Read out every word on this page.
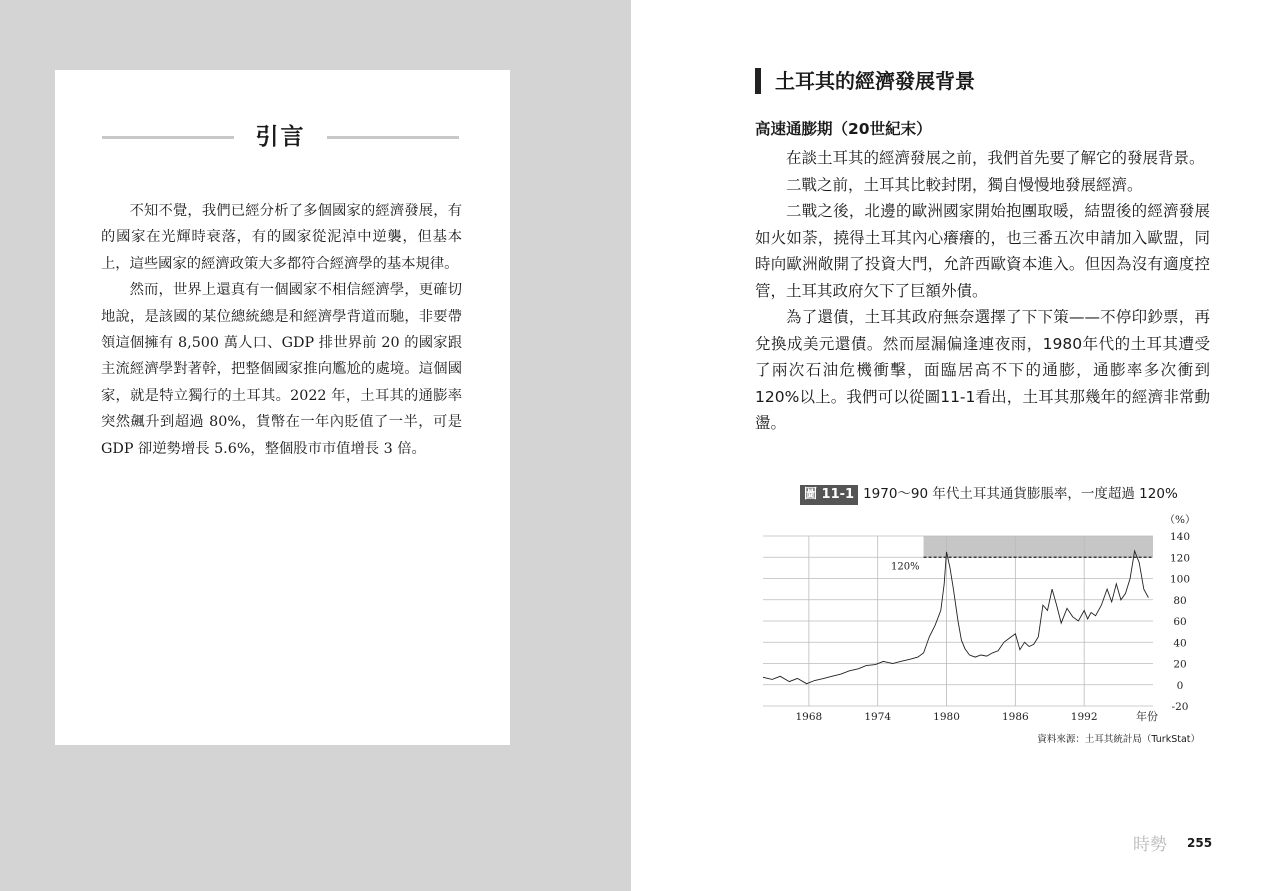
引言

不知不覺，我們已經分析了多個國家的經濟發展，有的國家在光輝時衰落，有的國家從泥淖中逆襲，但基本上，這些國家的經濟政策大多都符合經濟學的基本規律。

然而，世界上還真有一個國家不相信經濟學，更確切地說，是該國的某位總統總是和經濟學背道而馳，非要帶領這個擁有 8,500 萬人口、GDP 排世界前 20 的國家跟主流經濟學對著幹，把整個國家推向尷尬的處境。這個國家，就是特立獨行的土耳其。2022 年，土耳其的通膨率突然飆升到超過 80%，貨幣在一年內貶值了一半，可是 GDP 卻逆勢增長 5.6%，整個股市市值增長 3 倍。

土耳其的經濟發展背景
高速通膨期（20世紀末）

在談土耳其的經濟發展之前，我們首先要了解它的發展背景。

二戰之前，土耳其比較封閉，獨自慢慢地發展經濟。

二戰之後，北邊的歐洲國家開始抱團取暖，結盟後的經濟發展如火如荼，撓得土耳其內心癢癢的，也三番五次申請加入歐盟，同時向歐洲敞開了投資大門，允許西歐資本進入。但因為沒有適度控管，土耳其政府欠下了巨額外債。

為了還債，土耳其政府無奈選擇了下下策——不停印鈔票，再兌換成美元還債。然而屋漏偏逢連夜雨，1980年代的土耳其遭受了兩次石油危機衝擊，面臨居高不下的通膨，通膨率多次衝到120%以上。我們可以從圖11-1看出，土耳其那幾年的經濟非常動盪。

圖 11-1 1970～90 年代土耳其通貨膨脹率，一度超過 120%
120%
-20
0
20
40
60
80
100
120
140
（%）
1968	1974	1980	1986	1992	年份
資料來源：土耳其統計局（TurkStat）
時勢 255
